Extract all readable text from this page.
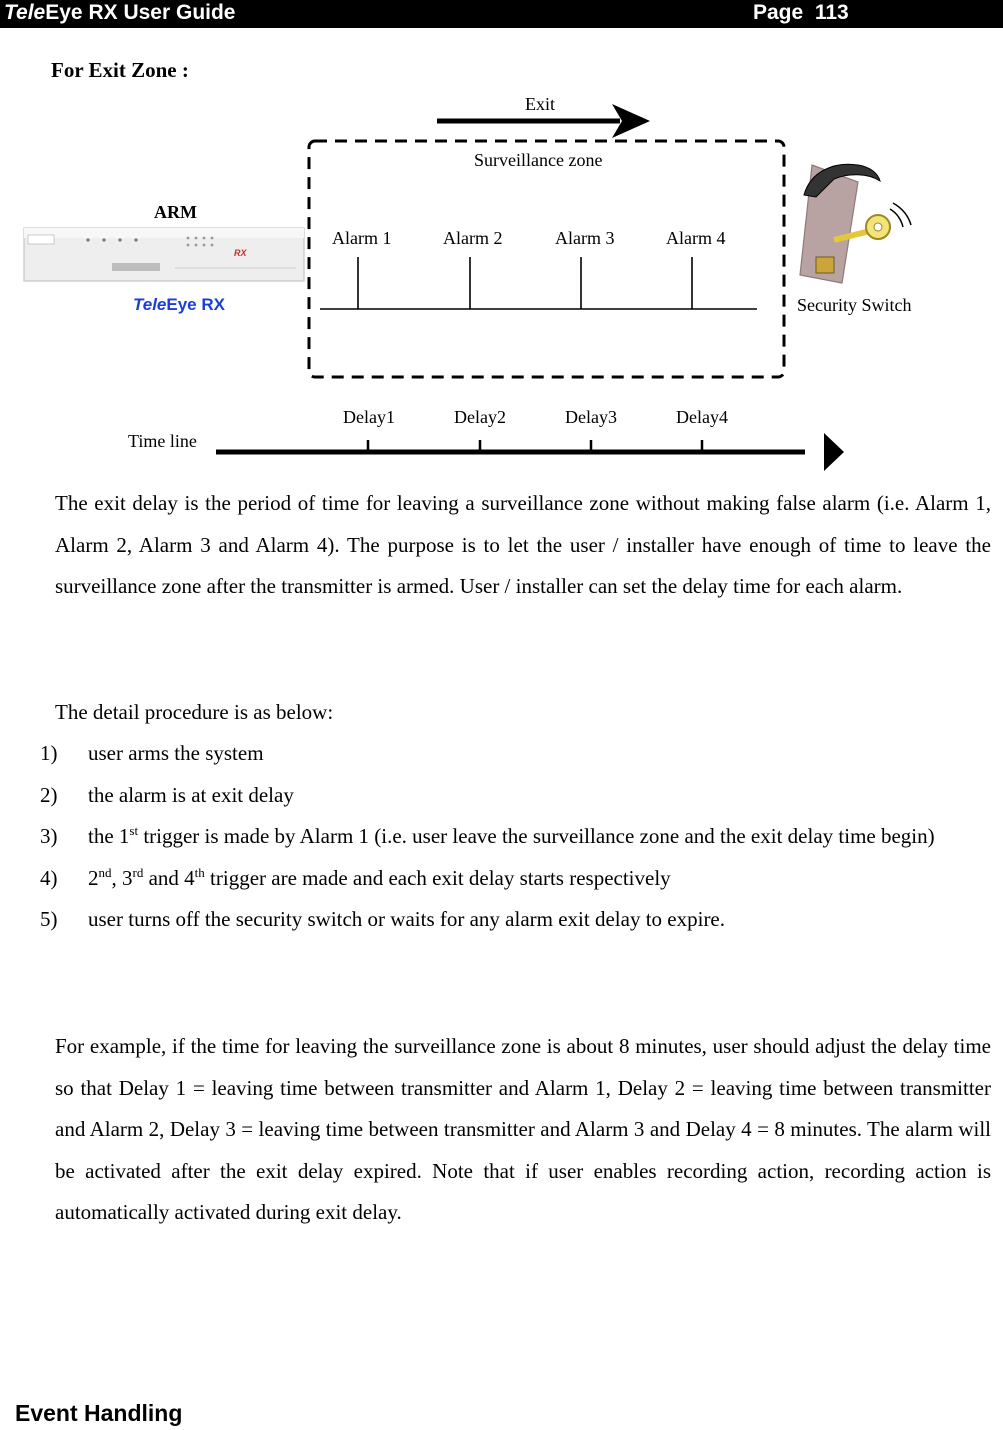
TeleEye RX User Guide	Page  113
For Exit Zone :
RX
Exit
Surveillance zone
ARM
TeleEye RX
Alarm 1	Alarm 2	Alarm 3	Alarm 4
Security Switch
Time line
Delay1	Delay2	Delay3	Delay4

The exit delay is the period of time for leaving a surveillance zone without making false alarm (i.e. Alarm 1, Alarm 2, Alarm 3 and Alarm 4). The purpose is to let the user / installer have enough of time to leave the surveillance zone after the transmitter is armed. User / installer can set the delay time for each alarm.

The detail procedure is as below:

1) user arms the system
2) the alarm is at exit delay
3) the 1st trigger is made by Alarm 1 (i.e. user leave the surveillance zone and the exit delay time begin)
4) 2nd, 3rd and 4th trigger are made and each exit delay starts respectively
5) user turns off the security switch or waits for any alarm exit delay to expire.

For example, if the time for leaving the surveillance zone is about 8 minutes, user should adjust the delay time so that Delay 1 = leaving time between transmitter and Alarm 1, Delay 2 = leaving time between transmitter and Alarm 2, Delay 3 = leaving time between transmitter and Alarm 3 and Delay 4 = 8 minutes. The alarm will be activated after the exit delay expired. Note that if user enables recording action, recording action is automatically activated during exit delay.

Event Handling
